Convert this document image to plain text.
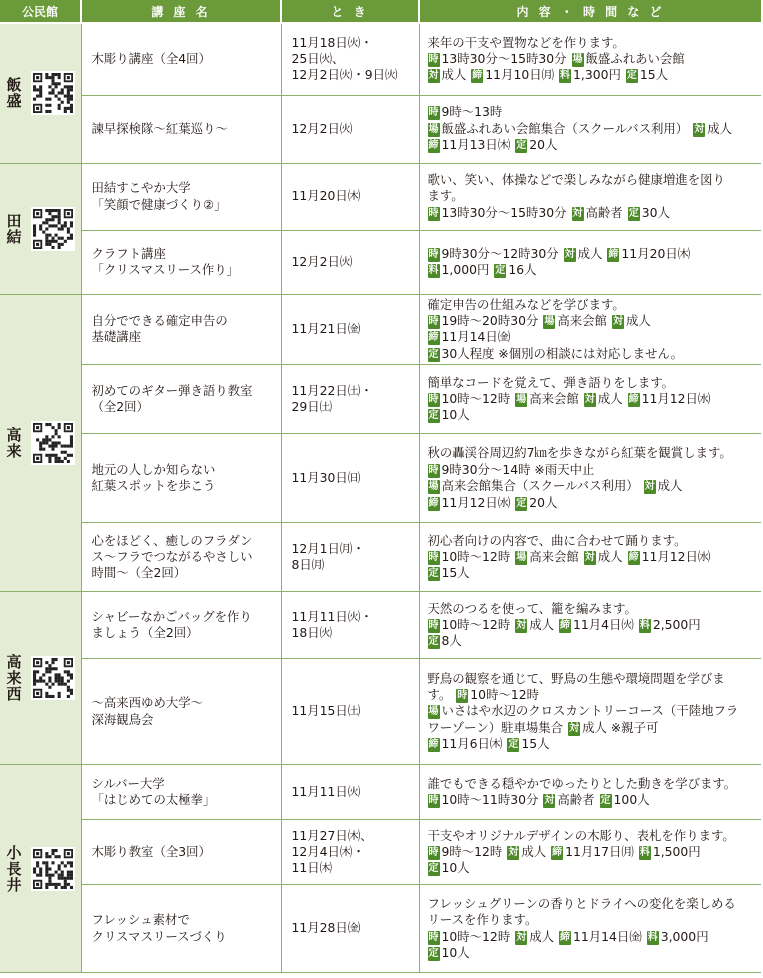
公民館	講 座 名	と き	内 容 ・ 時 間 な ど

飯盛	木彫り講座（全4回）	11月18日㈫・
25日㈫、
12月2日㈫・9日㈫	来年の干支や置物などを作ります。
時 13時30分～15時30分 場 飯盛ふれあい会館
対 成人 締 11月10日㈪ 料 1,300円 定 15人

	諫早探検隊～紅葉巡り～	12月2日㈫	時 9時～13時
場 飯盛ふれあい会館集合（スクールバス利用） 対 成人
締 11月13日㈭ 定 20人

田結	田結すこやか大学
「笑顔で健康づくり②」	11月20日㈭	歌い、笑い、体操などで楽しみながら健康増進を図り
ます。
時 13時30分～15時30分 対 高齢者 定 30人

	クラフト講座
「クリスマスリース作り」	12月2日㈫	時 9時30分～12時30分 対 成人 締 11月20日㈭
料 1,000円 定 16人

高来	自分でできる確定申告の
基礎講座	11月21日㈮	確定申告の仕組みなどを学びます。
時 19時～20時30分 場 高来会館 対 成人
締 11月14日㈮
定 30人程度 ※個別の相談には対応しません。

	初めてのギター弾き語り教室
（全2回）	11月22日㈯・
29日㈯	簡単なコードを覚えて、弾き語りをします。
時 10時～12時 場 高来会館 対 成人 締 11月12日㈬
定 10人

	地元の人しか知らない
紅葉スポットを歩こう	11月30日㈰	秋の轟渓谷周辺約7㎞を歩きながら紅葉を観賞します。
時 9時30分～14時 ※雨天中止
場 高来会館集合（スクールバス利用） 対 成人
締 11月12日㈬ 定 20人

	心をほどく、癒しのフラダン
ス～フラでつながるやさしい
時間～（全2回）	12月1日㈪・
8日㈪	初心者向けの内容で、曲に合わせて踊ります。
時 10時～12時 場 高来会館 対 成人 締 11月12日㈬
定 15人

高来西	シャビーなかごバッグを作り
ましょう（全2回）	11月11日㈫・
18日㈫	天然のつるを使って、籠を編みます。
時 10時～12時 対 成人 締 11月4日㈫ 料 2,500円
定 8人

	～高来西ゆめ大学～
深海観鳥会	11月15日㈯	野鳥の観察を通じて、野鳥の生態や環境問題を学びま
す。 時 10時～12時
場 いさはや水辺のクロスカントリーコース（干陸地フラ
ワーゾーン）駐車場集合 対 成人 ※親子可
締 11月6日㈭ 定 15人

小長井	シルバー大学
「はじめての太極拳」	11月11日㈫	誰でもできる穏やかでゆったりとした動きを学びます。
時 10時～11時30分 対 高齢者 定 100人

	木彫り教室（全3回）	11月27日㈭、
12月4日㈭・
11日㈭	干支やオリジナルデザインの木彫り、表札を作ります。
時 9時～12時 対 成人 締 11月17日㈪ 料 1,500円
定 10人

	フレッシュ素材で
クリスマスリースづくり	11月28日㈮	フレッシュグリーンの香りとドライへの変化を楽しめる
リースを作ります。
時 10時～12時 対 成人 締 11月14日㈮ 料 3,000円
定 10人
